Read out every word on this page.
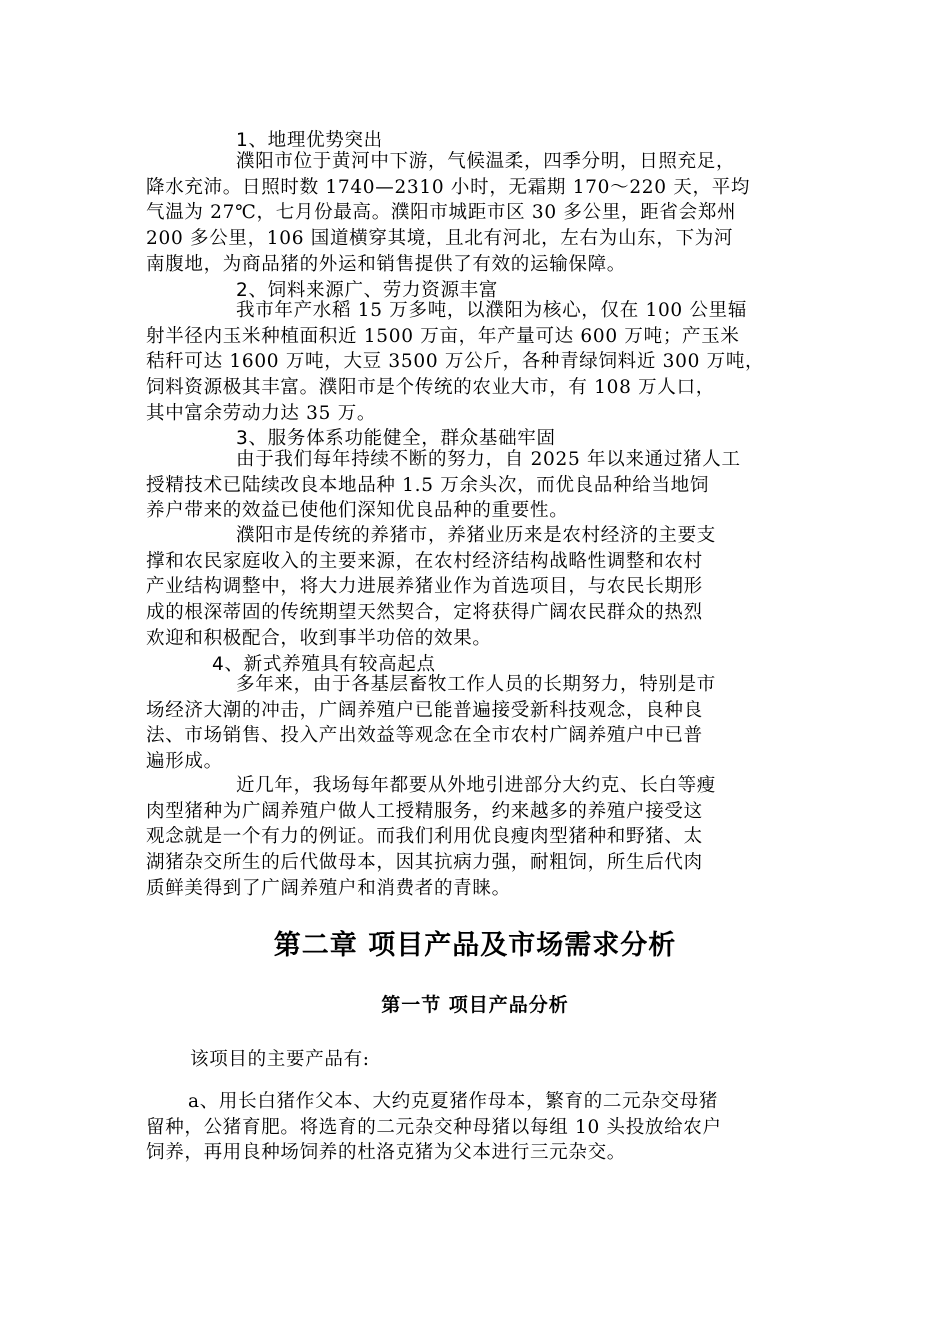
1、地理优势突出
濮阳市位于黄河中下游，气候温柔，四季分明，日照充足，
降水充沛。日照时数 1740—2310 小时，无霜期 170～220 天，平均
气温为 27℃，七月份最高。濮阳市城距市区 30 多公里，距省会郑州
200 多公里，106 国道横穿其境，且北有河北，左右为山东，下为河
南腹地，为商品猪的外运和销售提供了有效的运输保障。
2、饲料来源广、劳力资源丰富
我市年产水稻 15 万多吨，以濮阳为核心，仅在 100 公里辐
射半径内玉米种植面积近 1500 万亩，年产量可达 600 万吨；产玉米
秸秆可达 1600 万吨，大豆 3500 万公斤，各种青绿饲料近 300 万吨，
饲料资源极其丰富。濮阳市是个传统的农业大市，有 108 万人口，
其中富余劳动力达 35 万。
3、服务体系功能健全，群众基础牢固
由于我们每年持续不断的努力，自 2025 年以来通过猪人工
授精技术已陆续改良本地品种 1.5 万余头次，而优良品种给当地饲
养户带来的效益已使他们深知优良品种的重要性。
濮阳市是传统的养猪市，养猪业历来是农村经济的主要支
撑和农民家庭收入的主要来源，在农村经济结构战略性调整和农村
产业结构调整中，将大力进展养猪业作为首选项目，与农民长期形
成的根深蒂固的传统期望天然契合，定将获得广阔农民群众的热烈
欢迎和积极配合，收到事半功倍的效果。
4、新式养殖具有较高起点
多年来，由于各基层畜牧工作人员的长期努力，特别是市
场经济大潮的冲击，广阔养殖户已能普遍接受新科技观念，良种良
法、市场销售、投入产出效益等观念在全市农村广阔养殖户中已普
遍形成。
近几年，我场每年都要从外地引进部分大约克、长白等瘦
肉型猪种为广阔养殖户做人工授精服务，约来越多的养殖户接受这
观念就是一个有力的例证。而我们利用优良瘦肉型猪种和野猪、太
湖猪杂交所生的后代做母本，因其抗病力强，耐粗饲，所生后代肉
质鲜美得到了广阔养殖户和消费者的青睐。
第二章 项目产品及市场需求分析
第一节 项目产品分析
该项目的主要产品有:
a、用长白猪作父本、大约克夏猪作母本，繁育的二元杂交母猪
留种，公猪育肥。将选育的二元杂交种母猪以每组 10 头投放给农户
饲养，再用良种场饲养的杜洛克猪为父本进行三元杂交。
